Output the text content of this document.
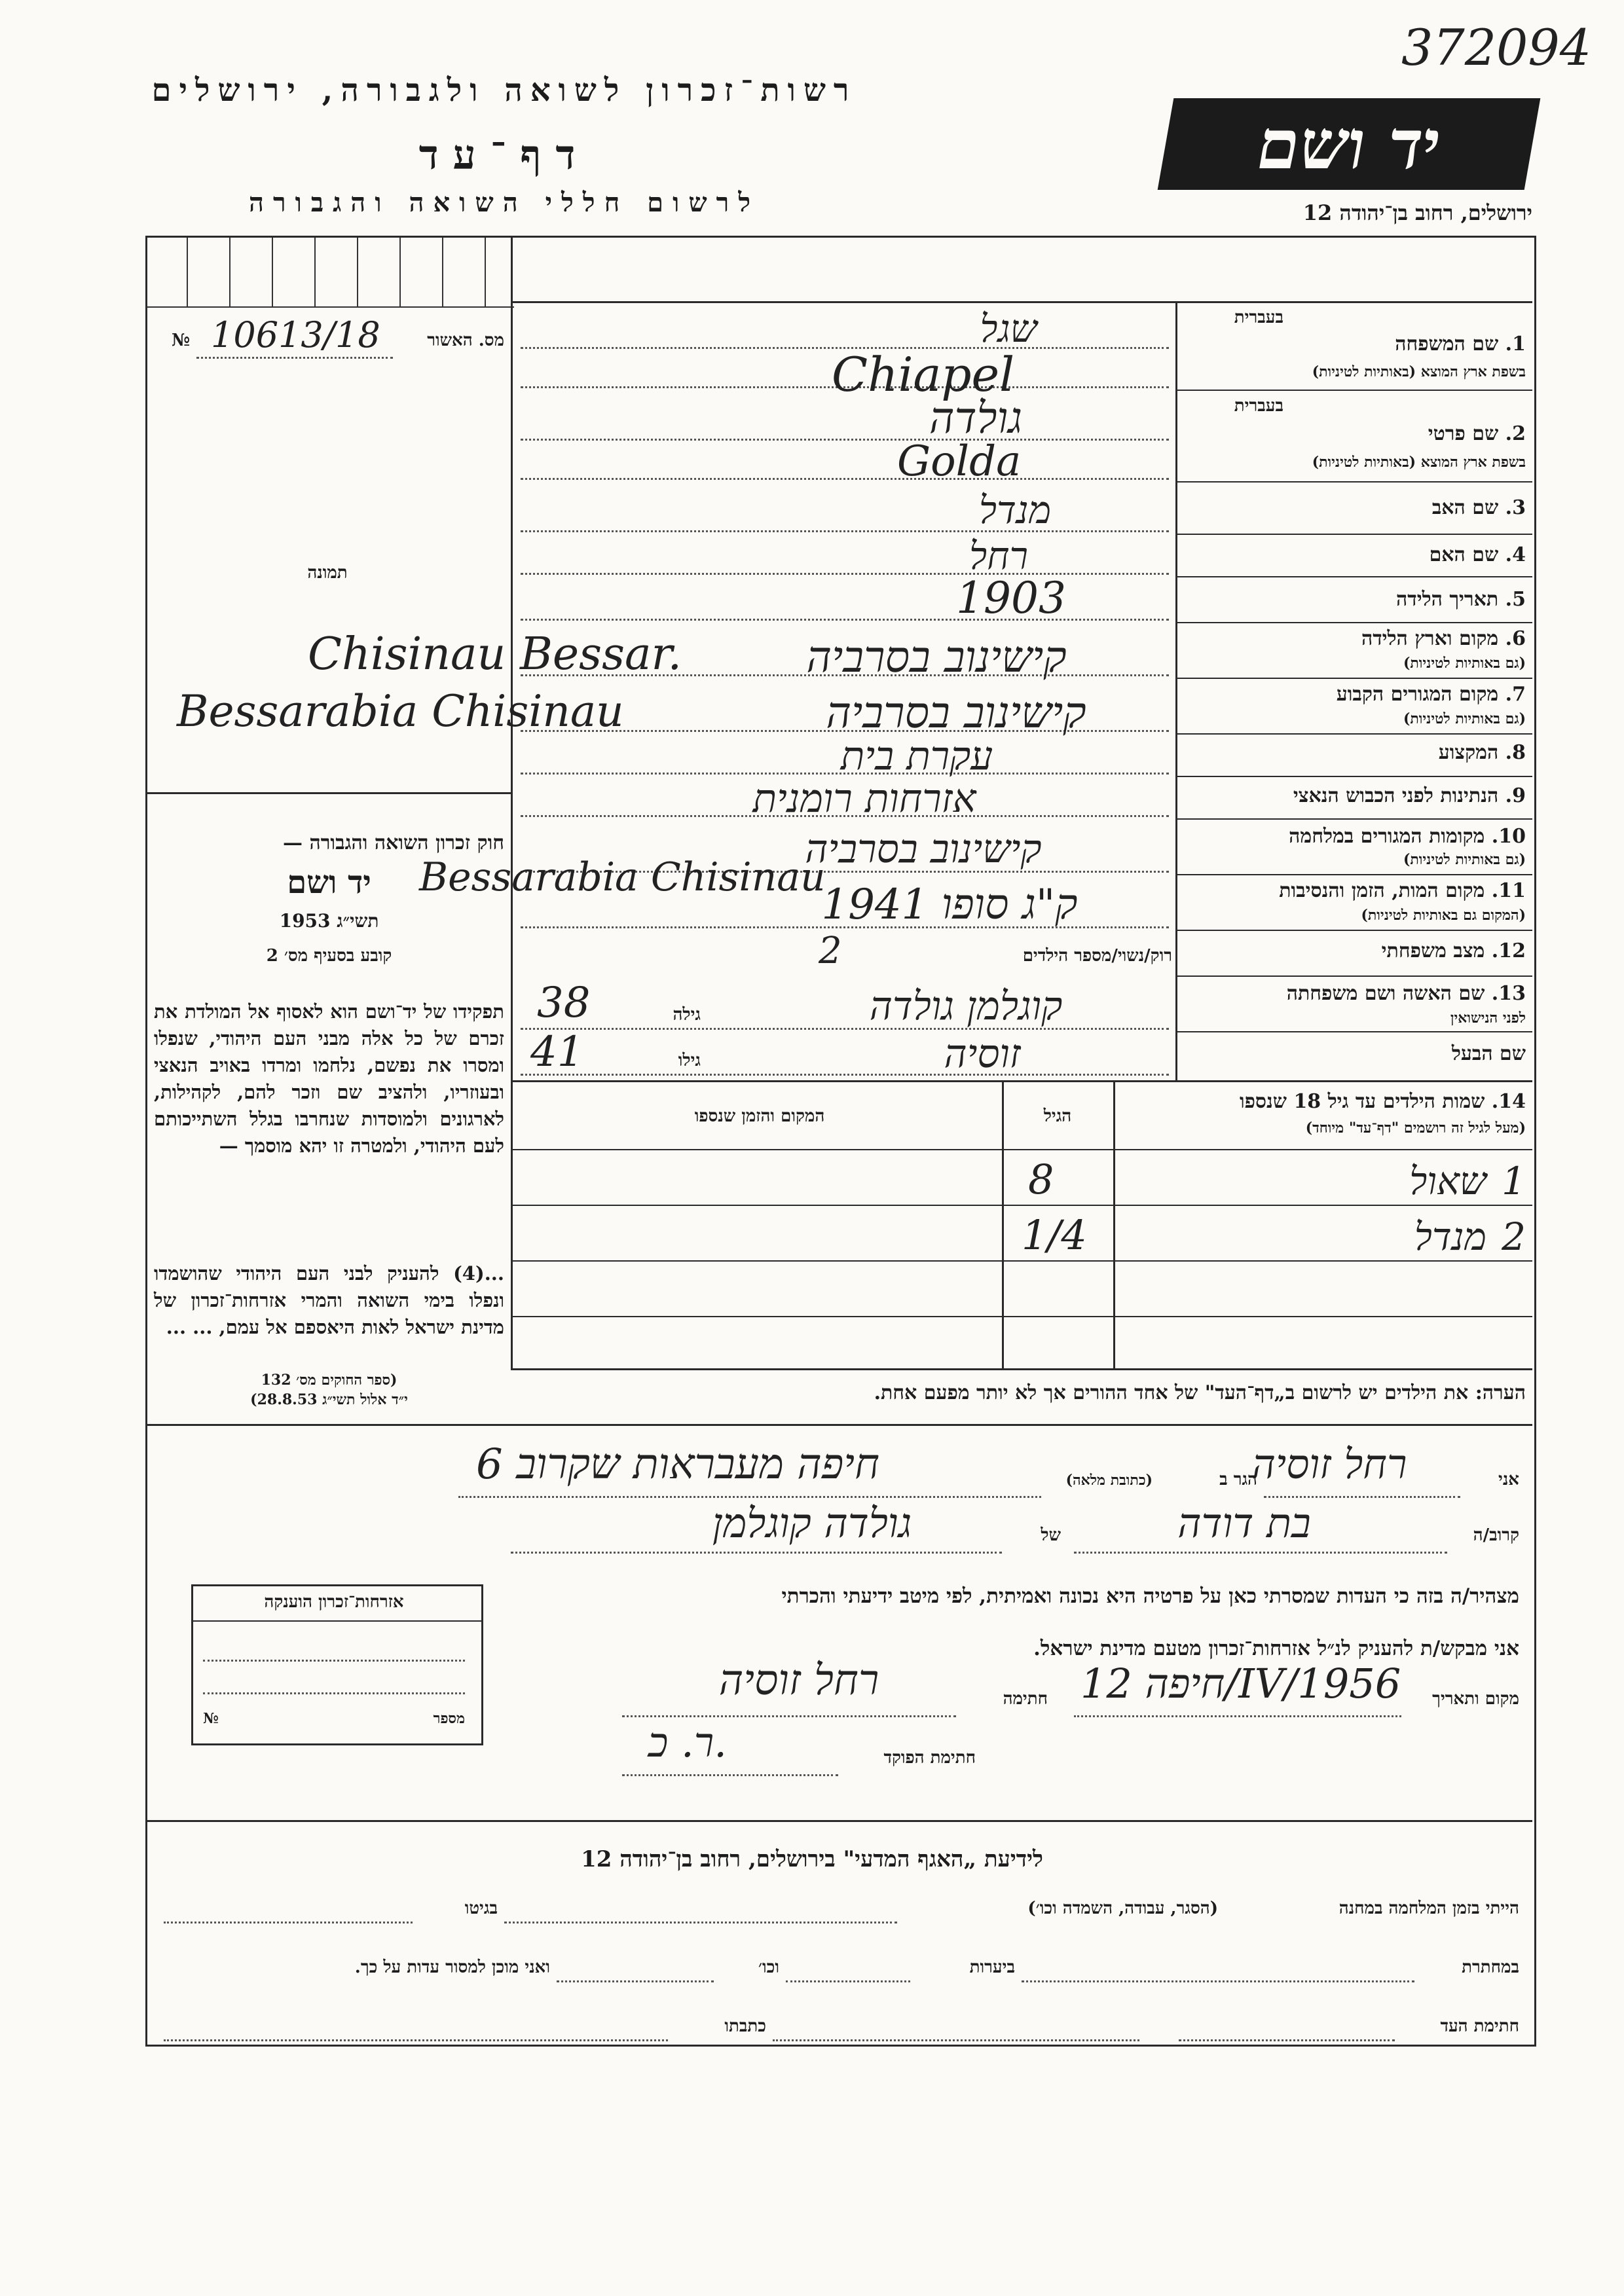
372094
רשות־זכרון לשואה ולגבורה, ירושלים
דף־עד
לרשום חללי השואה והגבורה
יד ושם
ירושלים, רחוב בן־יהודה 12
מס. האשור
№ 10613/18
תמונה
בעברית
1. שם המשפחה
בשפת ארץ המוצא (באותיות לטיניות)
בעברית
2. שם פרטי
בשפת ארץ המוצא (באותיות לטיניות)
3. שם האב
4. שם האם
5. תאריך הלידה
6. מקום וארץ הלידה
(גם באותיות לטיניות)
7. מקום המגורים הקבוע
(גם באותיות לטיניות)
8. המקצוע
9. הנתינות לפני הכבוש הנאצי
10. מקומות המגורים במלחמה
(גם באותיות לטיניות)
11. מקום המות, הזמן והנסיבות
(המקום גם באותיות לטיניות)
12. מצב משפחתי
13. שם האשה ושם משפחתה
לפני הנישואין
שם הבעל
שגל
Chiapel
גולדה
Golda
מנדל
רחל
1903
Chisinau Bessar.	קישינוב בסרביה
Bessarabia Chisinau	קישינוב בסרביה
עקרת בית
אזרחות רומנית
Bessarabia Chisinau
קישינוב בסרביה
ק"ג סופו 1941
רוק/נשוי/מספר הילדים
2
קוגלמן גולדה
גילה
38
זוסיה
גילו
41
14. שמות הילדים עד גיל 18 שנספו
(מעל לגיל זה רושמים "דף־עד" מיוחד)
הגיל
המקום והזמן שנספו
שאול 1
8
מנדל 2
1/4
הערה: את הילדים יש לרשום ב„דף־העד" של אחד ההורים אך לא יותר מפעם אחת.
חוק זכרון השואה והגבורה —
יד ושם
תשי״ג 1953
קובע בסעיף מס׳ 2
תפקידו של יד־ושם הוא לאסוף אל המולדת את זכרם של כל אלה מבני העם היהודי, שנפלו ומסרו את נפשם, נלחמו ומרדו באויב הנאצי ובעוזריו, ולהציב שם וזכר להם, לקהילות, לארגונים ולמוסדות שנחרבו בגלל השתייכותם לעם היהודי, ולמטרה זו יהא מוסמך —
...(4) להעניק לבני העם היהודי שהושמדו ונפלו בימי השואה והמרי אזרחות־זכרון של מדינת ישראל לאות היאספם אל עמם, ... ...
(ספר החוקים מס׳ 132
י״ד אלול תשי״ג 28.8.53)
אני
רחל זוסיה
הגר ב
(כתובת מלאה)
חיפה מעבראות שקרוב 6
קרוב/ה
בת דודה
של
גולדה קוגלמן
מצהיר/ה בזה כי העדות שמסרתי כאן על פרטיה היא נכונה ואמיתית, לפי מיטב ידיעתי והכרתי
אני מבקש/ת להעניק לנ״ל אזרחות־זכרון מטעם מדינת ישראל.
מקום ותאריך
חיפה 12/IV/1956
חתימה
רחל זוסיה
חתימת הפוקד
ר. כ.
אזרחות־זכרון הוענקה
מספר
№
לידיעת „האגף המדעי" בירושלים, רחוב בן־יהודה 12
הייתי בזמן המלחמה במחנה
(הסגר, עבודה, השמדה וכו׳)
בגיטו
במחתרת
ביערות
וכו׳
ואני מוכן למסור עדות על כך.
חתימת העד
כתבתו
